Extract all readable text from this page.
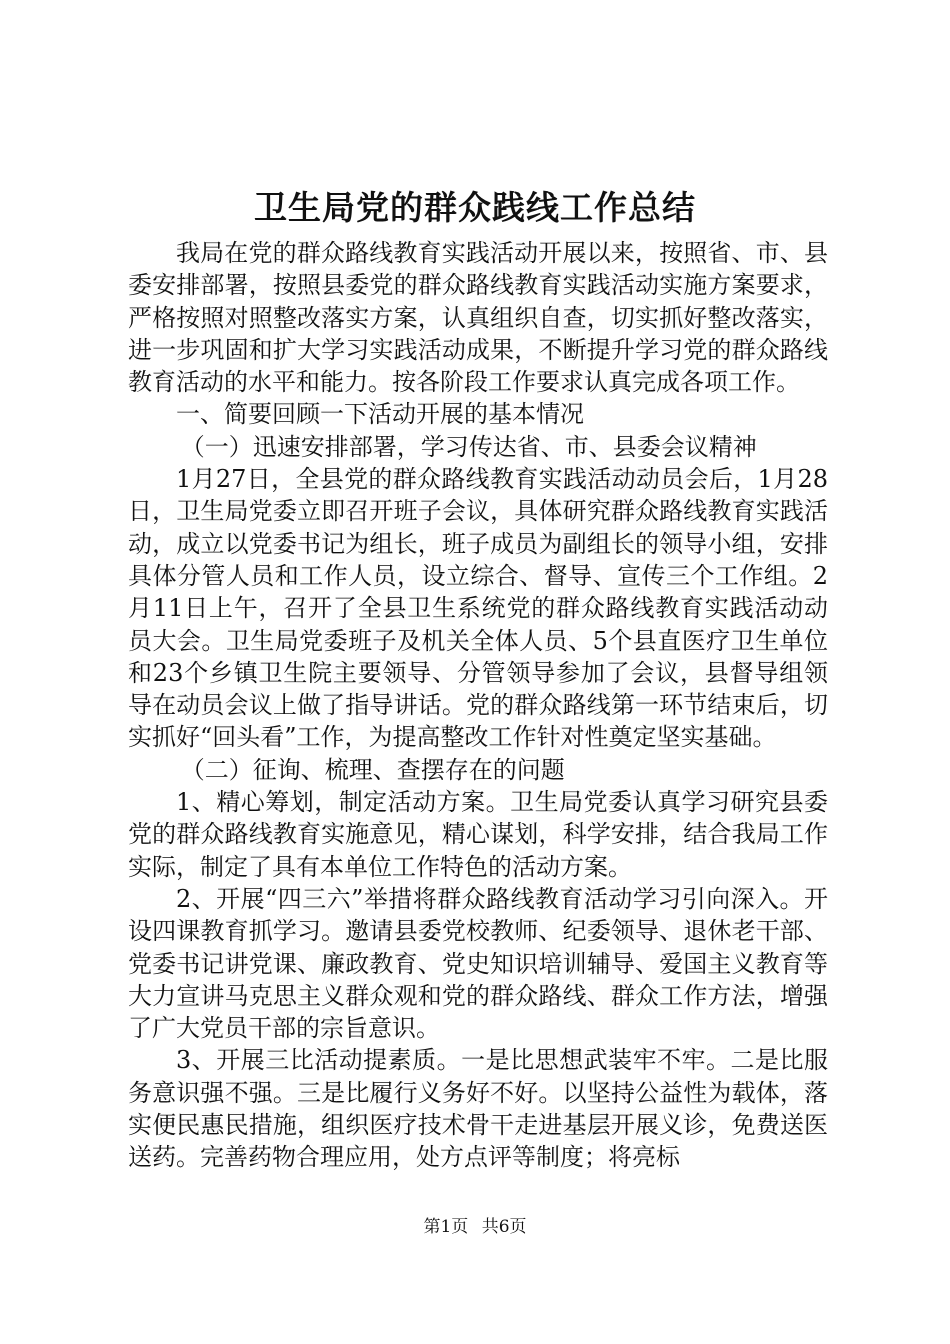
卫生局党的群众践线工作总结

我局在党的群众路线教育实践活动开展以来，按照省、市、县委安排部署，按照县委党的群众路线教育实践活动实施方案要求，严格按照对照整改落实方案，认真组织自查，切实抓好整改落实，进一步巩固和扩大学习实践活动成果，不断提升学习党的群众路线教育活动的水平和能力。按各阶段工作要求认真完成各项工作。

一、简要回顾一下活动开展的基本情况

（一）迅速安排部署，学习传达省、市、县委会议精神

1月27日，全县党的群众路线教育实践活动动员会后，1月28日，卫生局党委立即召开班子会议，具体研究群众路线教育实践活动，成立以党委书记为组长，班子成员为副组长的领导小组，安排具体分管人员和工作人员，设立综合、督导、宣传三个工作组。2月11日上午，召开了全县卫生系统党的群众路线教育实践活动动员大会。卫生局党委班子及机关全体人员、5个县直医疗卫生单位和23个乡镇卫生院主要领导、分管领导参加了会议，县督导组领导在动员会议上做了指导讲话。党的群众路线第一环节结束后，切实抓好“回头看”工作，为提高整改工作针对性奠定坚实基础。

（二）征询、梳理、查摆存在的问题

1、精心筹划，制定活动方案。卫生局党委认真学习研究县委党的群众路线教育实施意见，精心谋划，科学安排，结合我局工作实际，制定了具有本单位工作特色的活动方案。

2、开展“四三六”举措将群众路线教育活动学习引向深入。开设四课教育抓学习。邀请县委党校教师、纪委领导、退休老干部、党委书记讲党课、廉政教育、党史知识培训辅导、爱国主义教育等大力宣讲马克思主义群众观和党的群众路线、群众工作方法，增强了广大党员干部的宗旨意识。

3、开展三比活动提素质。一是比思想武装牢不牢。二是比服务意识强不强。三是比履行义务好不好。以坚持公益性为载体，落实便民惠民措施，组织医疗技术骨干走进基层开展义诊，免费送医送药。完善药物合理应用，处方点评等制度；将亮标

第1页 共6页
